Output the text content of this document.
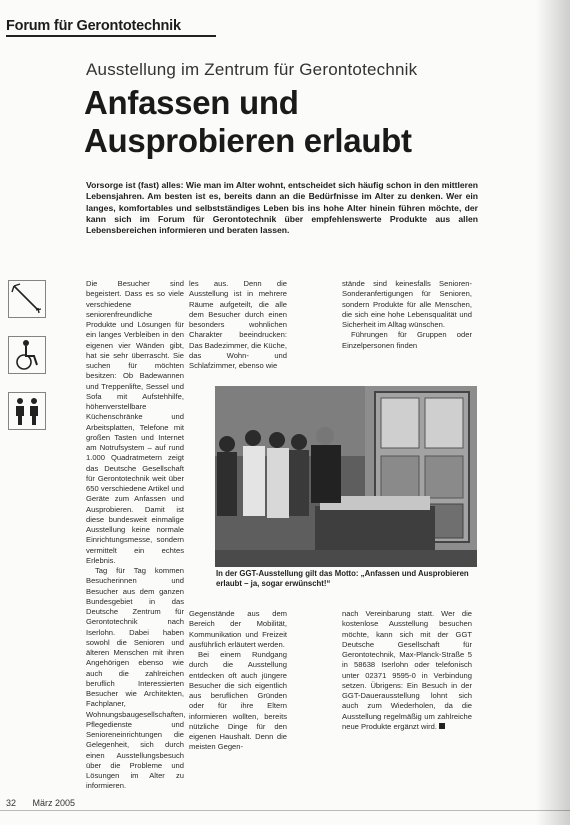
Forum für Gerontotechnik
Ausstellung im Zentrum für Gerontotechnik
Anfassen und
Ausprobieren erlaubt
Vorsorge ist (fast) alles: Wie man im Alter wohnt, entscheidet sich häufig schon in den mittleren Lebensjahren. Am besten ist es, bereits dann an die Bedürfnisse im Alter zu denken. Wer ein langes, komfortables und selbstständiges Leben bis ins hohe Alter hinein führen möchte, der kann sich im Forum für Gerontotechnik über empfehlenswerte Produkte aus allen Lebensbereichen informieren und beraten lassen.

Die Besucher sind begeistert. Dass es so viele verschiedene seniorenfreundliche Produkte und Lösungen für ein langes Verbleiben in den eigenen vier Wänden gibt, hat sie sehr überrascht. Sie suchen für möchten besitzen: Ob Badewannen und Treppenlifte, Sessel und Sofa mit Aufstehhilfe, höhenverstellbare Küchenschränke und Arbeitsplatten, Telefone mit großen Tasten und Internet am Notrufsystem – auf rund 1.000 Quadratmetern zeigt das Deutsche Gesellschaft für Gerontotechnik weit über 650 verschiedene Artikel und Geräte zum Anfassen und Ausprobieren. Damit ist diese bundesweit einmalige Ausstellung keine normale Einrichtungsmesse, sondern vermittelt ein echtes Erlebnis.

Tag für Tag kommen Besucherinnen und Besucher aus dem ganzen Bundesgebiet in das Deutsche Zentrum für Gerontotechnik nach Iserlohn. Dabei haben sowohl die Senioren und älteren Menschen mit ihren Angehörigen ebenso wie auch die zahlreichen beruflich Interessierten Besucher wie Architekten, Fachplaner, Wohnungsbaugesellschaften, Pflegedienste und Senioreneinrichtungen die Gelegenheit, sich durch einen Ausstellungsbesuch über die Probleme und Lösungen im Alter zu informieren.

les aus. Denn die Ausstellung ist in mehrere Räume aufgeteilt, die alle dem Besucher durch einen besonders wohnlichen Charakter beeindrucken: Das Badezimmer, die Küche, das Wohn- und Schlafzimmer, ebenso wie

stände sind keinesfalls Senioren-Sonderanfertigungen für Senioren, sondern Produkte für alle Menschen, die sich eine hohe Lebensqualität und Sicherheit im Alltag wünschen.

Führungen für Gruppen oder Einzelpersonen finden

In der GGT-Ausstellung gilt das Motto: „Anfassen und Ausprobieren erlaubt – ja, sogar erwünscht!“

Gegenstände aus dem Bereich der Mobilität, Kommunikation und Freizeit ausführlich erläutert werden.

Bei einem Rundgang durch die Ausstellung entdecken oft auch jüngere Besucher die sich eigentlich aus beruflichen Gründen oder für ihre Eltern informieren wollten, bereits nützliche Dinge für den eigenen Haushalt. Denn die meisten Gegen-

nach Vereinbarung statt. Wer die kostenlose Ausstellung besuchen möchte, kann sich mit der GGT Deutsche Gesellschaft für Gerontotechnik, Max-Planck-Straße 5 in 58638 Iserlohn oder telefonisch unter 02371 9595-0 in Verbindung setzen. Übrigens: Ein Besuch in der GGT-Dauerausstellung lohnt sich auch zum Wiederholen, da die Ausstellung regelmäßig um zahlreiche neue Produkte ergänzt wird.

32 März 2005
